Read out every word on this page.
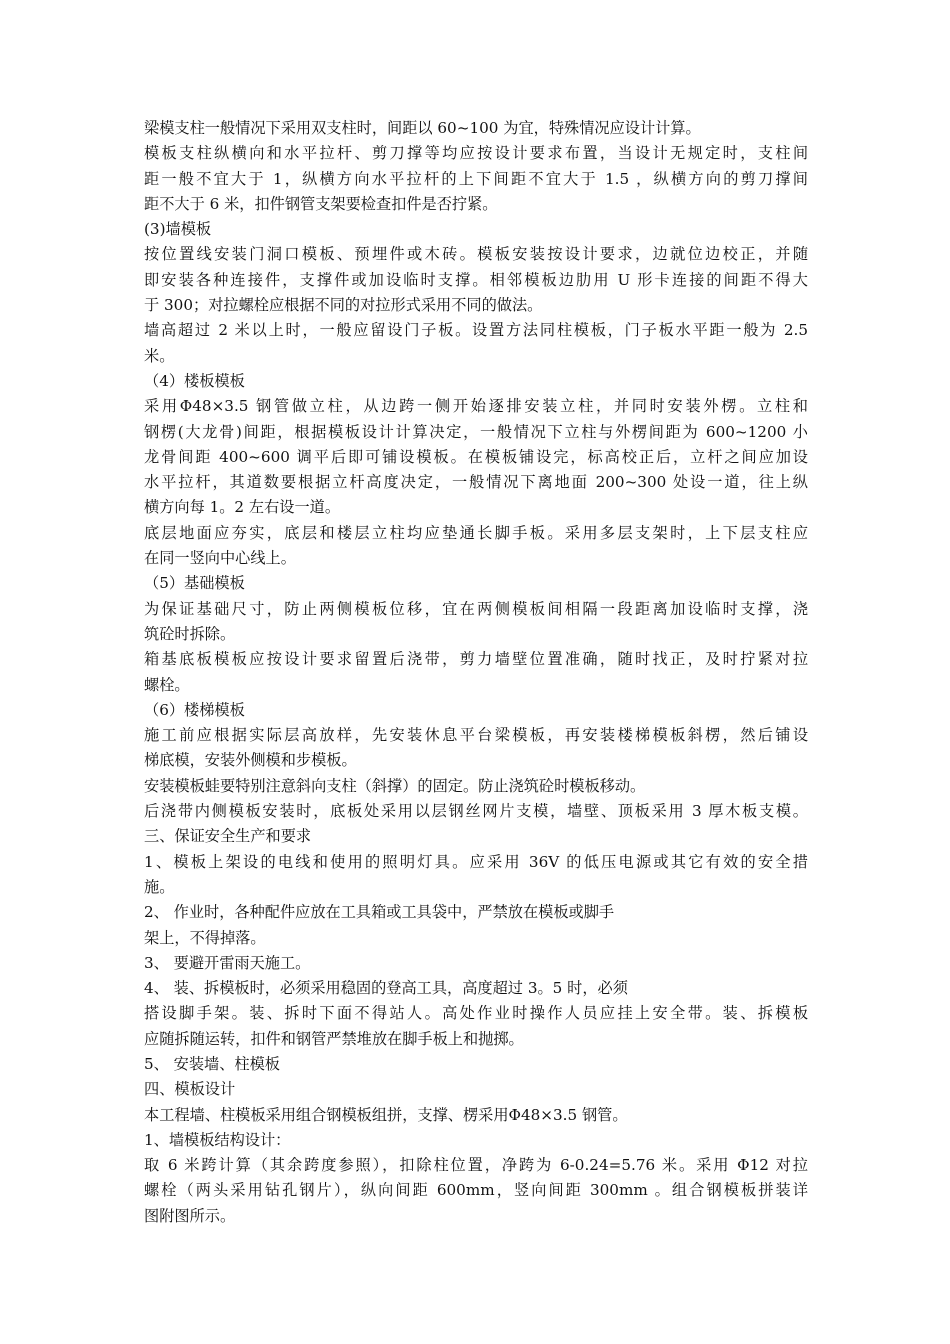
梁模支柱一般情况下采用双支柱时，间距以 60~100 为宜，特殊情况应设计计算。
模板支柱纵横向和水平拉杆、剪刀撑等均应按设计要求布置，当设计无规定时，支柱间
距一般不宜大于 1，纵横方向水平拉杆的上下间距不宜大于 1.5 ，纵横方向的剪刀撑间
距不大于 6 米，扣件钢管支架要检查扣件是否拧紧。
(3)墙模板
按位置线安装门洞口模板、预埋件或木砖。模板安装按设计要求，边就位边校正，并随
即安装各种连接件，支撑件或加设临时支撑。相邻模板边肋用 U 形卡连接的间距不得大
于 300；对拉螺栓应根据不同的对拉形式采用不同的做法。
墙高超过 2 米以上时，一般应留设门子板。设置方法同柱模板，门子板水平距一般为 2.5
米。
（4）楼板模板
采用Φ48×3.5 钢管做立柱，从边跨一侧开始逐排安装立柱，并同时安装外楞。立柱和
钢楞(大龙骨)间距，根据模板设计计算决定，一般情况下立柱与外楞间距为 600~1200 小
龙骨间距 400~600 调平后即可铺设模板。在模板铺设完，标高校正后，立杆之间应加设
水平拉杆，其道数要根据立杆高度决定，一般情况下离地面 200~300 处设一道，往上纵
横方向每 1。2 左右设一道。
底层地面应夯实，底层和楼层立柱均应垫通长脚手板。采用多层支架时，上下层支柱应
在同一竖向中心线上。
（5）基础模板
为保证基础尺寸，防止两侧模板位移，宜在两侧模板间相隔一段距离加设临时支撑，浇
筑砼时拆除。
箱基底板模板应按设计要求留置后浇带，剪力墙壁位置准确，随时找正，及时拧紧对拉
螺栓。
（6）楼梯模板
施工前应根据实际层高放样，先安装休息平台梁模板，再安装楼梯模板斜楞，然后铺设
梯底模，安装外侧模和步模板。
安装模板蛙要特别注意斜向支柱（斜撑）的固定。防止浇筑砼时模板移动。
后浇带内侧模板安装时，底板处采用以层钢丝网片支模，墙壁、顶板采用 3 厚木板支模。
三、保证安全生产和要求
1、模板上架设的电线和使用的照明灯具。应采用 36V 的低压电源或其它有效的安全措
施。
2、 作业时，各种配件应放在工具箱或工具袋中，严禁放在模板或脚手
架上，不得掉落。
3、 要避开雷雨天施工。
4、 装、拆模板时，必须采用稳固的登高工具，高度超过 3。5 时，必须
搭设脚手架。装、拆时下面不得站人。高处作业时操作人员应挂上安全带。装、拆模板
应随拆随运转，扣件和钢管严禁堆放在脚手板上和抛掷。
5、 安装墙、柱模板
四、模板设计
本工程墙、柱模板采用组合钢模板组拼，支撑、楞采用Φ48×3.5 钢管。
1、墙模板结构设计：
取 6 米跨计算（其余跨度参照），扣除柱位置，净跨为 6-0.24=5.76 米。采用 Φ12 对拉
螺栓（两头采用钻孔钢片），纵向间距 600mm，竖向间距 300mm 。组合钢模板拼装详
图附图所示。
